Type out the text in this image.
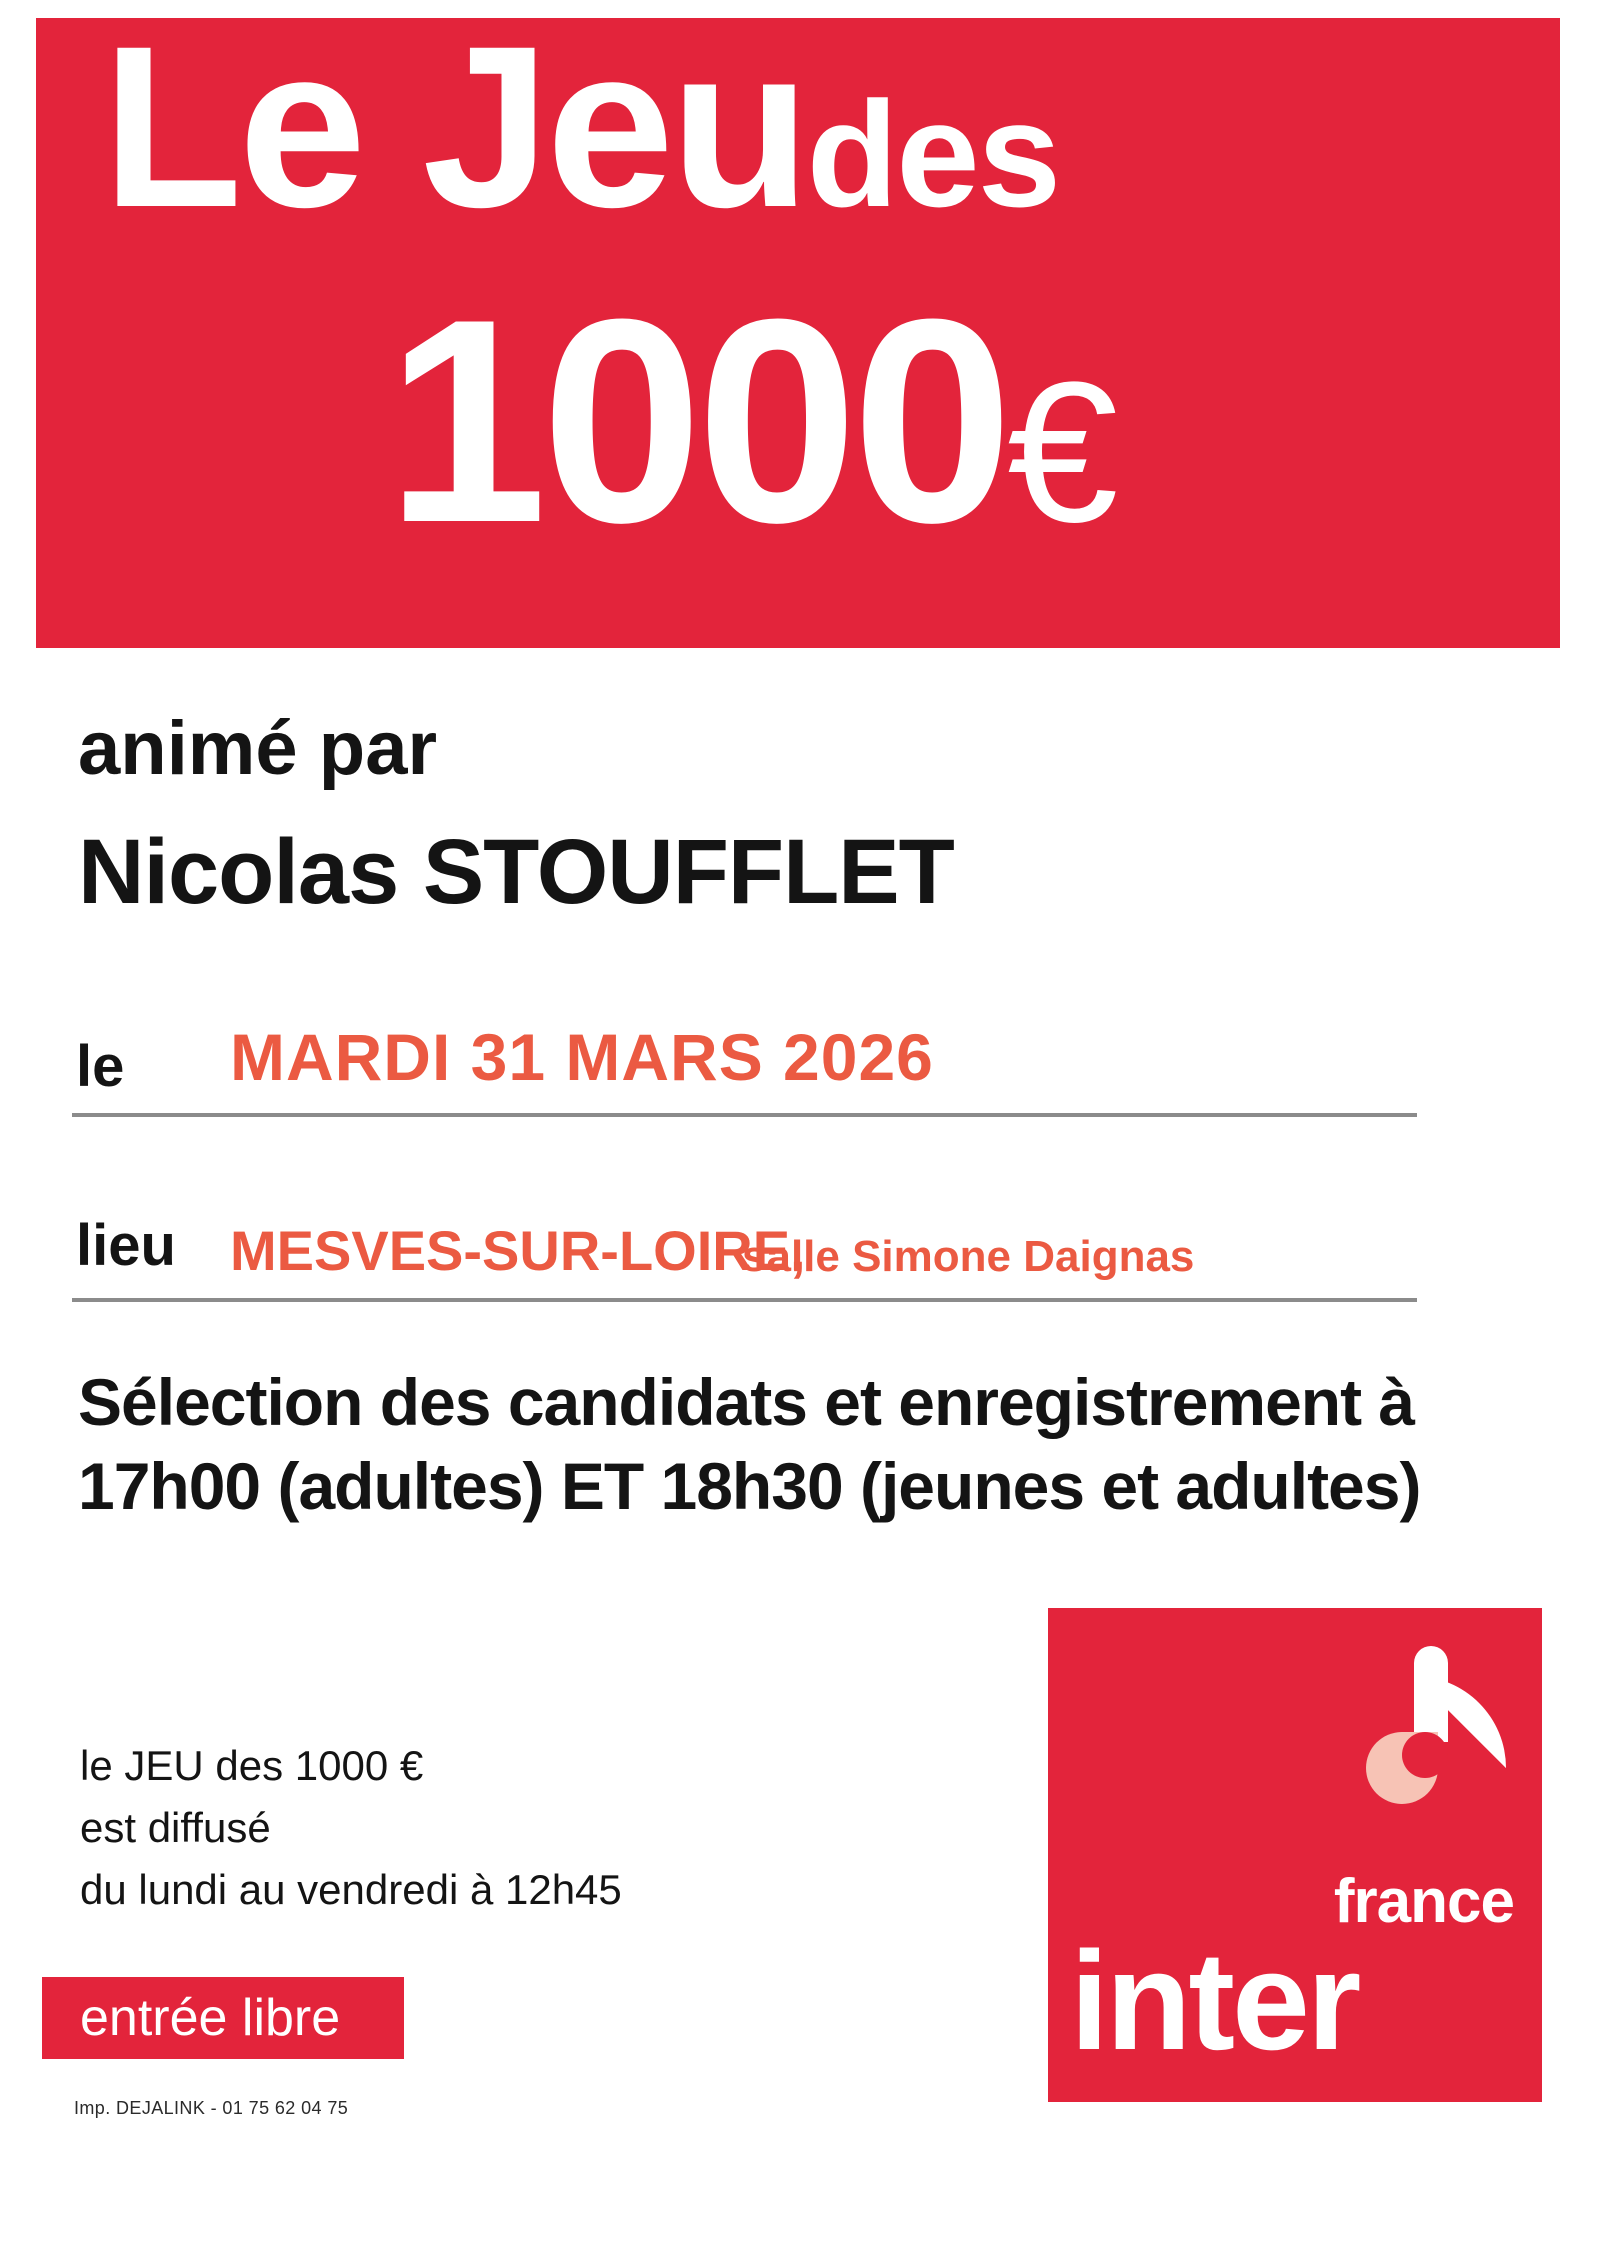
Le Jeudes
1000€
animé par
Nicolas STOUFFLET
le MARDI 31 MARS 2026
lieu MESVES-SUR-LOIRE,
salle Simone Daignas
Sélection des candidats et enregistrement à 17h00 (adultes) ET 18h30 (jeunes et adultes)
le JEU des 1000 €
est diffusé
du lundi au vendredi à 12h45
entrée libre
Imp. DEJALINK - 01 75 62 04 75
france
inter
